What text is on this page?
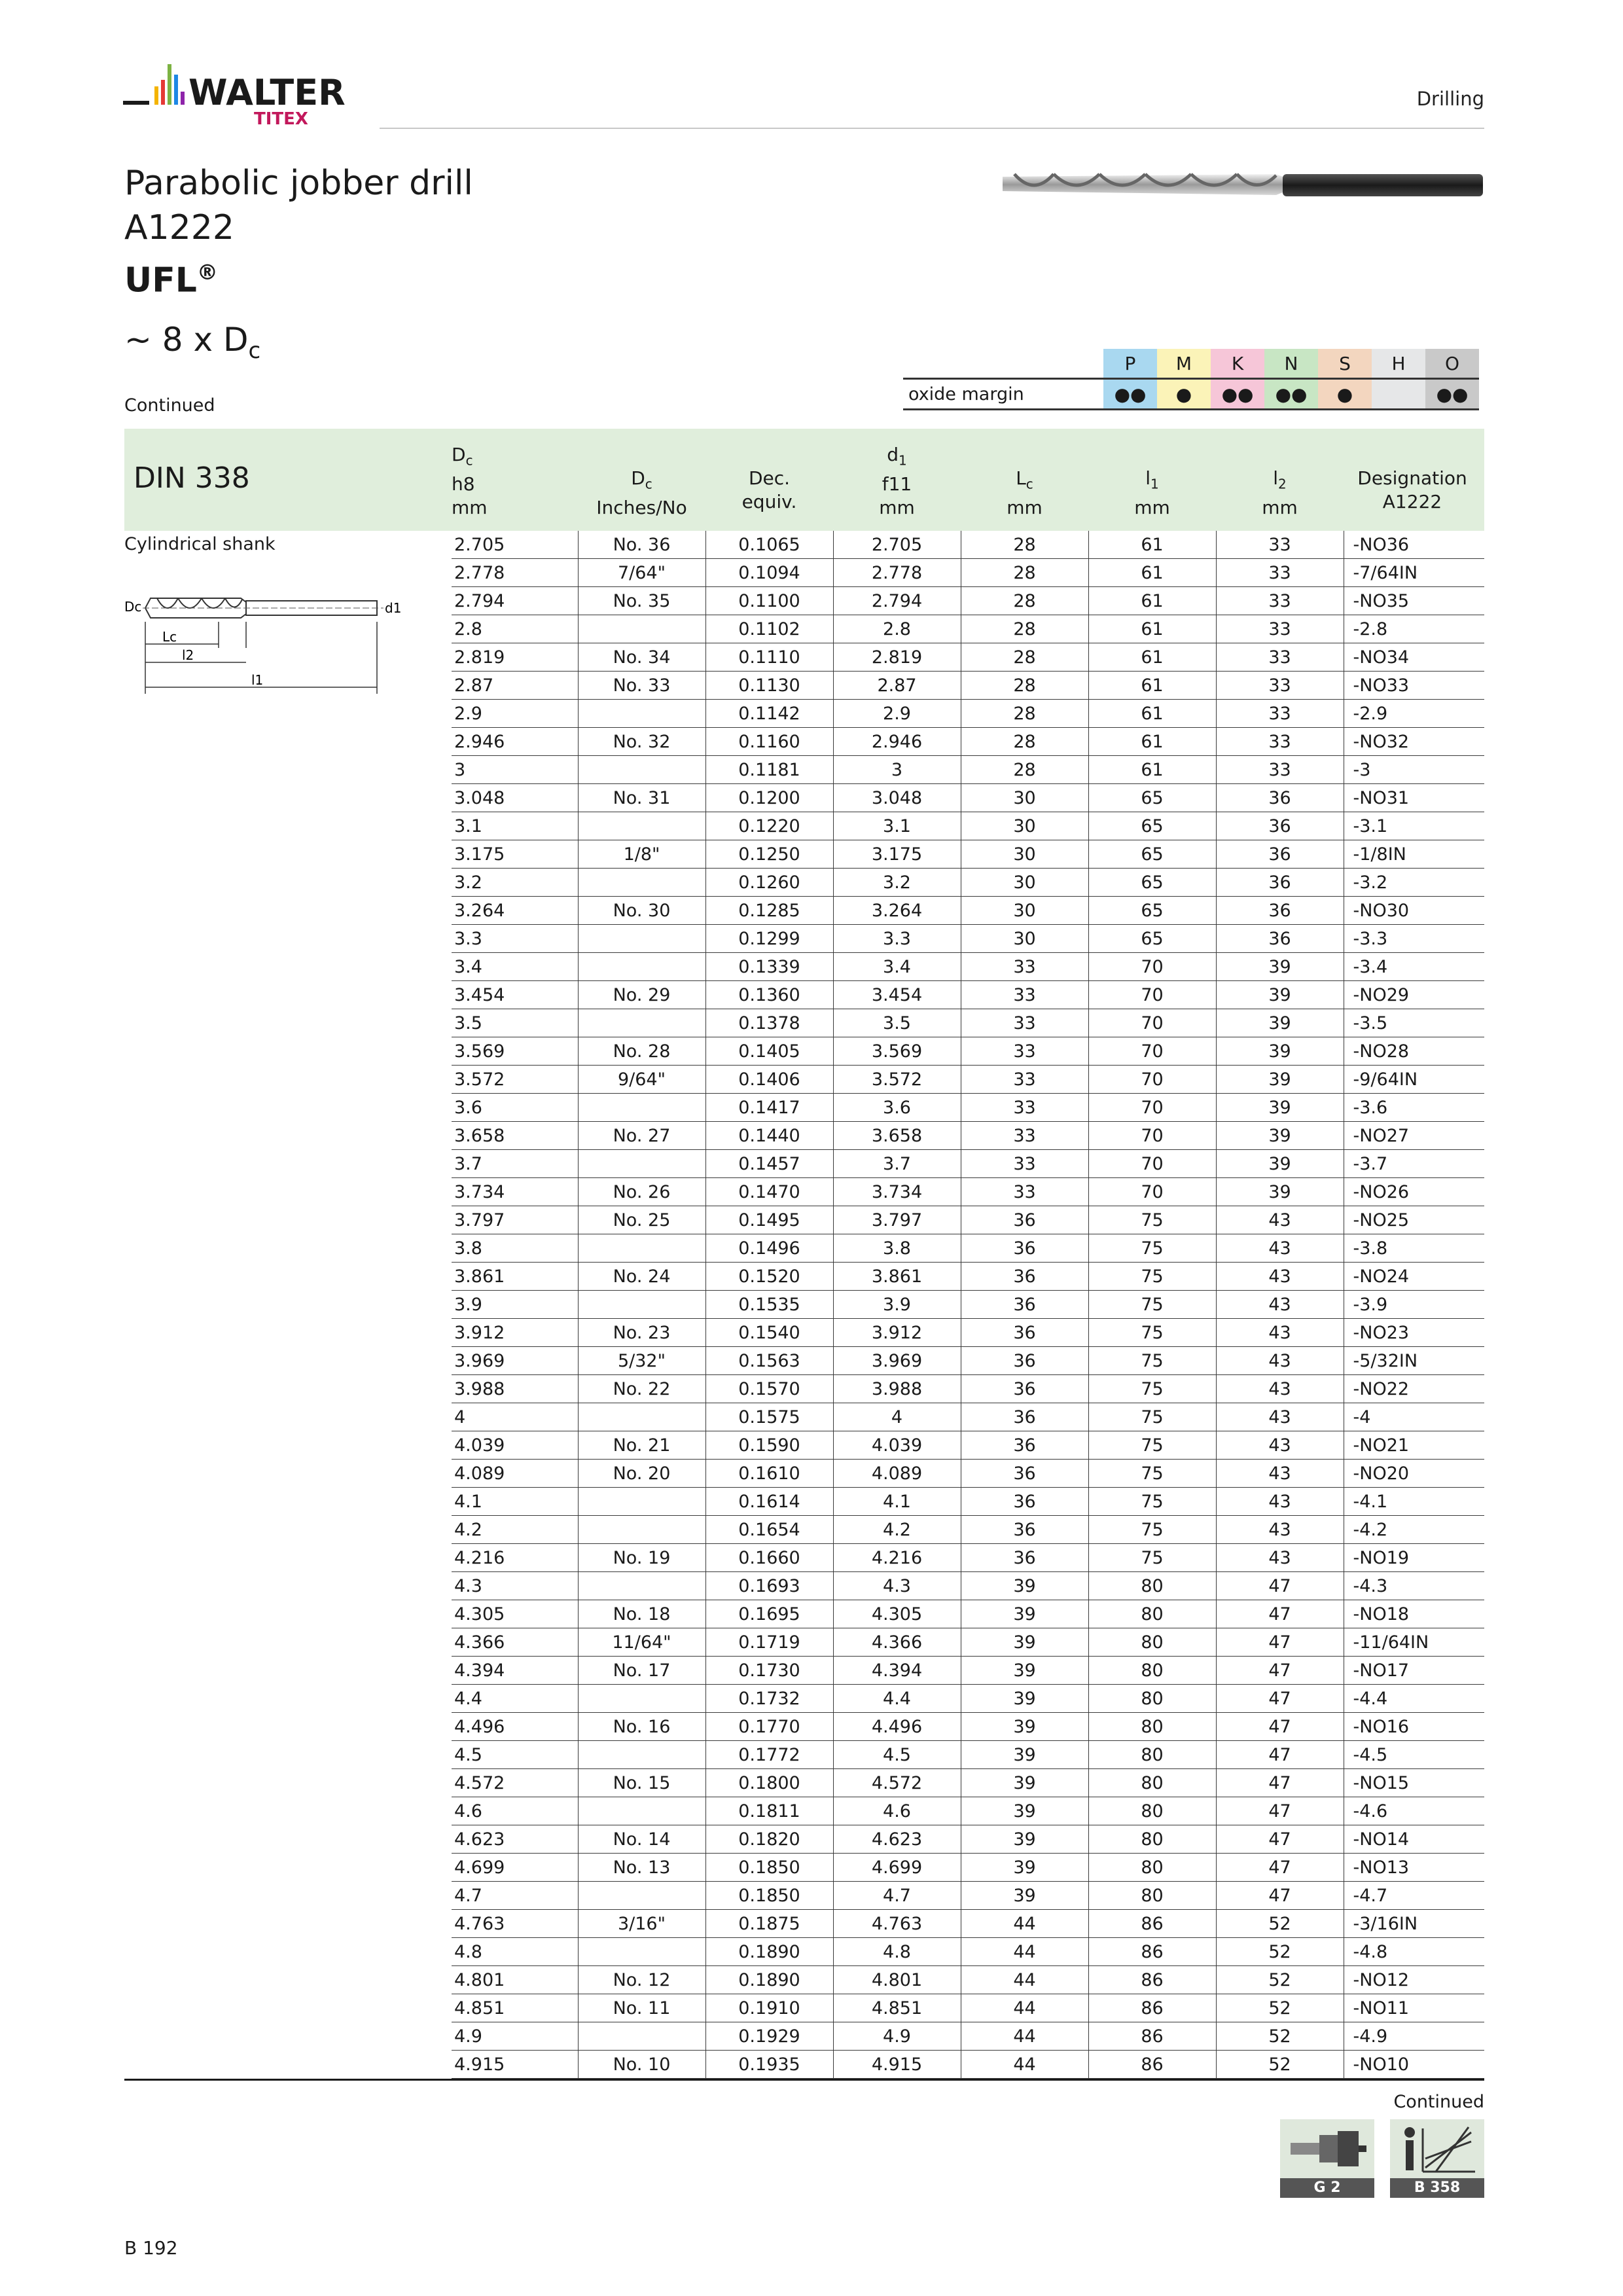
WALTER
TITEX
Drilling
Parabolic jobber drill
A1222
UFL®
~ 8 x $D_c$
Continued
	P	M	K	N	S	H	O
oxide margin	●●	●	●●	●●	●		●●
DIN 338
$D_c$
h8
mm

$D_c$
Inches/No

Dec.
equiv.
$d_1$
f11
mm

$L_c$
mm

$l_1$
mm

$l_2$
mm

Designation
A1222
Cylindrical shank
Dc	d1
Lc
l2
l1
2.705	No. 36	0.1065	2.705	28	61	33	-NO36
2.778	7/64"	0.1094	2.778	28	61	33	-7/64IN
2.794	No. 35	0.1100	2.794	28	61	33	-NO35
2.8		0.1102	2.8	28	61	33	-2.8
2.819	No. 34	0.1110	2.819	28	61	33	-NO34
2.87	No. 33	0.1130	2.87	28	61	33	-NO33
2.9		0.1142	2.9	28	61	33	-2.9
2.946	No. 32	0.1160	2.946	28	61	33	-NO32
3		0.1181	3	28	61	33	-3
3.048	No. 31	0.1200	3.048	30	65	36	-NO31
3.1		0.1220	3.1	30	65	36	-3.1
3.175	1/8"	0.1250	3.175	30	65	36	-1/8IN
3.2		0.1260	3.2	30	65	36	-3.2
3.264	No. 30	0.1285	3.264	30	65	36	-NO30
3.3		0.1299	3.3	30	65	36	-3.3
3.4		0.1339	3.4	33	70	39	-3.4
3.454	No. 29	0.1360	3.454	33	70	39	-NO29
3.5		0.1378	3.5	33	70	39	-3.5
3.569	No. 28	0.1405	3.569	33	70	39	-NO28
3.572	9/64"	0.1406	3.572	33	70	39	-9/64IN
3.6		0.1417	3.6	33	70	39	-3.6
3.658	No. 27	0.1440	3.658	33	70	39	-NO27
3.7		0.1457	3.7	33	70	39	-3.7
3.734	No. 26	0.1470	3.734	33	70	39	-NO26
3.797	No. 25	0.1495	3.797	36	75	43	-NO25
3.8		0.1496	3.8	36	75	43	-3.8
3.861	No. 24	0.1520	3.861	36	75	43	-NO24
3.9		0.1535	3.9	36	75	43	-3.9
3.912	No. 23	0.1540	3.912	36	75	43	-NO23
3.969	5/32"	0.1563	3.969	36	75	43	-5/32IN
3.988	No. 22	0.1570	3.988	36	75	43	-NO22
4		0.1575	4	36	75	43	-4
4.039	No. 21	0.1590	4.039	36	75	43	-NO21
4.089	No. 20	0.1610	4.089	36	75	43	-NO20
4.1		0.1614	4.1	36	75	43	-4.1
4.2		0.1654	4.2	36	75	43	-4.2
4.216	No. 19	0.1660	4.216	36	75	43	-NO19
4.3		0.1693	4.3	39	80	47	-4.3
4.305	No. 18	0.1695	4.305	39	80	47	-NO18
4.366	11/64"	0.1719	4.366	39	80	47	-11/64IN
4.394	No. 17	0.1730	4.394	39	80	47	-NO17
4.4		0.1732	4.4	39	80	47	-4.4
4.496	No. 16	0.1770	4.496	39	80	47	-NO16
4.5		0.1772	4.5	39	80	47	-4.5
4.572	No. 15	0.1800	4.572	39	80	47	-NO15
4.6		0.1811	4.6	39	80	47	-4.6
4.623	No. 14	0.1820	4.623	39	80	47	-NO14
4.699	No. 13	0.1850	4.699	39	80	47	-NO13
4.7		0.1850	4.7	39	80	47	-4.7
4.763	3/16"	0.1875	4.763	44	86	52	-3/16IN
4.8		0.1890	4.8	44	86	52	-4.8
4.801	No. 12	0.1890	4.801	44	86	52	-NO12
4.851	No. 11	0.1910	4.851	44	86	52	-NO11
4.9		0.1929	4.9	44	86	52	-4.9
4.915	No. 10	0.1935	4.915	44	86	52	-NO10
Continued
G 2	B 358
B 192
